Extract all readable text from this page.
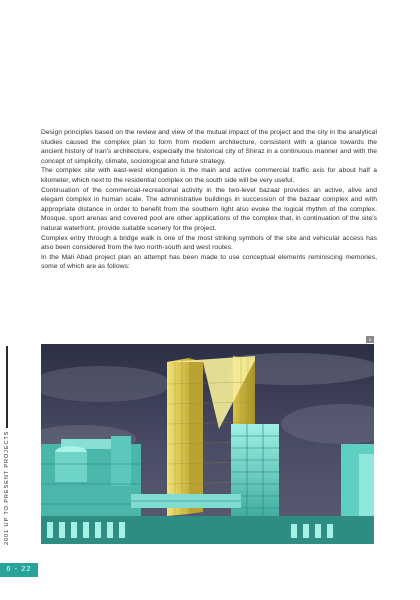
Design principles based on the review and view of the mutual impact of the project and the city in the analytical studies caused the complex plan to form from modern architecture, consistent with a glance towards the ancient history of Iran's architecture, especially the historical city of Shiraz in a continuous manner and with the concept of simplicity, climate, sociological and future strategy.

The complex site with east-west elongation is the main and active commercial traffic axis for about half a kilometer, which next to the residential complex on the south side will be very useful.

Continuation of the commercial-recreational activity in the two-level bazaar provides an active, alive and elegant complex in human scale. The administrative buildings in succession of the bazaar complex and with appropriate distance in order to benefit from the southern light also evoke the logical rhythm of the complex. Mosque, sport arenas and covered pool are other applications of the complex that, in continuation of the site's natural waterfront, provide suitable scenery for the project.

Complex entry through a bridge walk is one of the most striking symbols of the site and vehicular access has also been considered from the two north-south and west routes.

In the Mali Abad project plan an attempt has been made to use conceptual elements reminiscing memories, some of which are as follows:

1
2001 UP TO PRESENT PROJECTS
6 - 22
